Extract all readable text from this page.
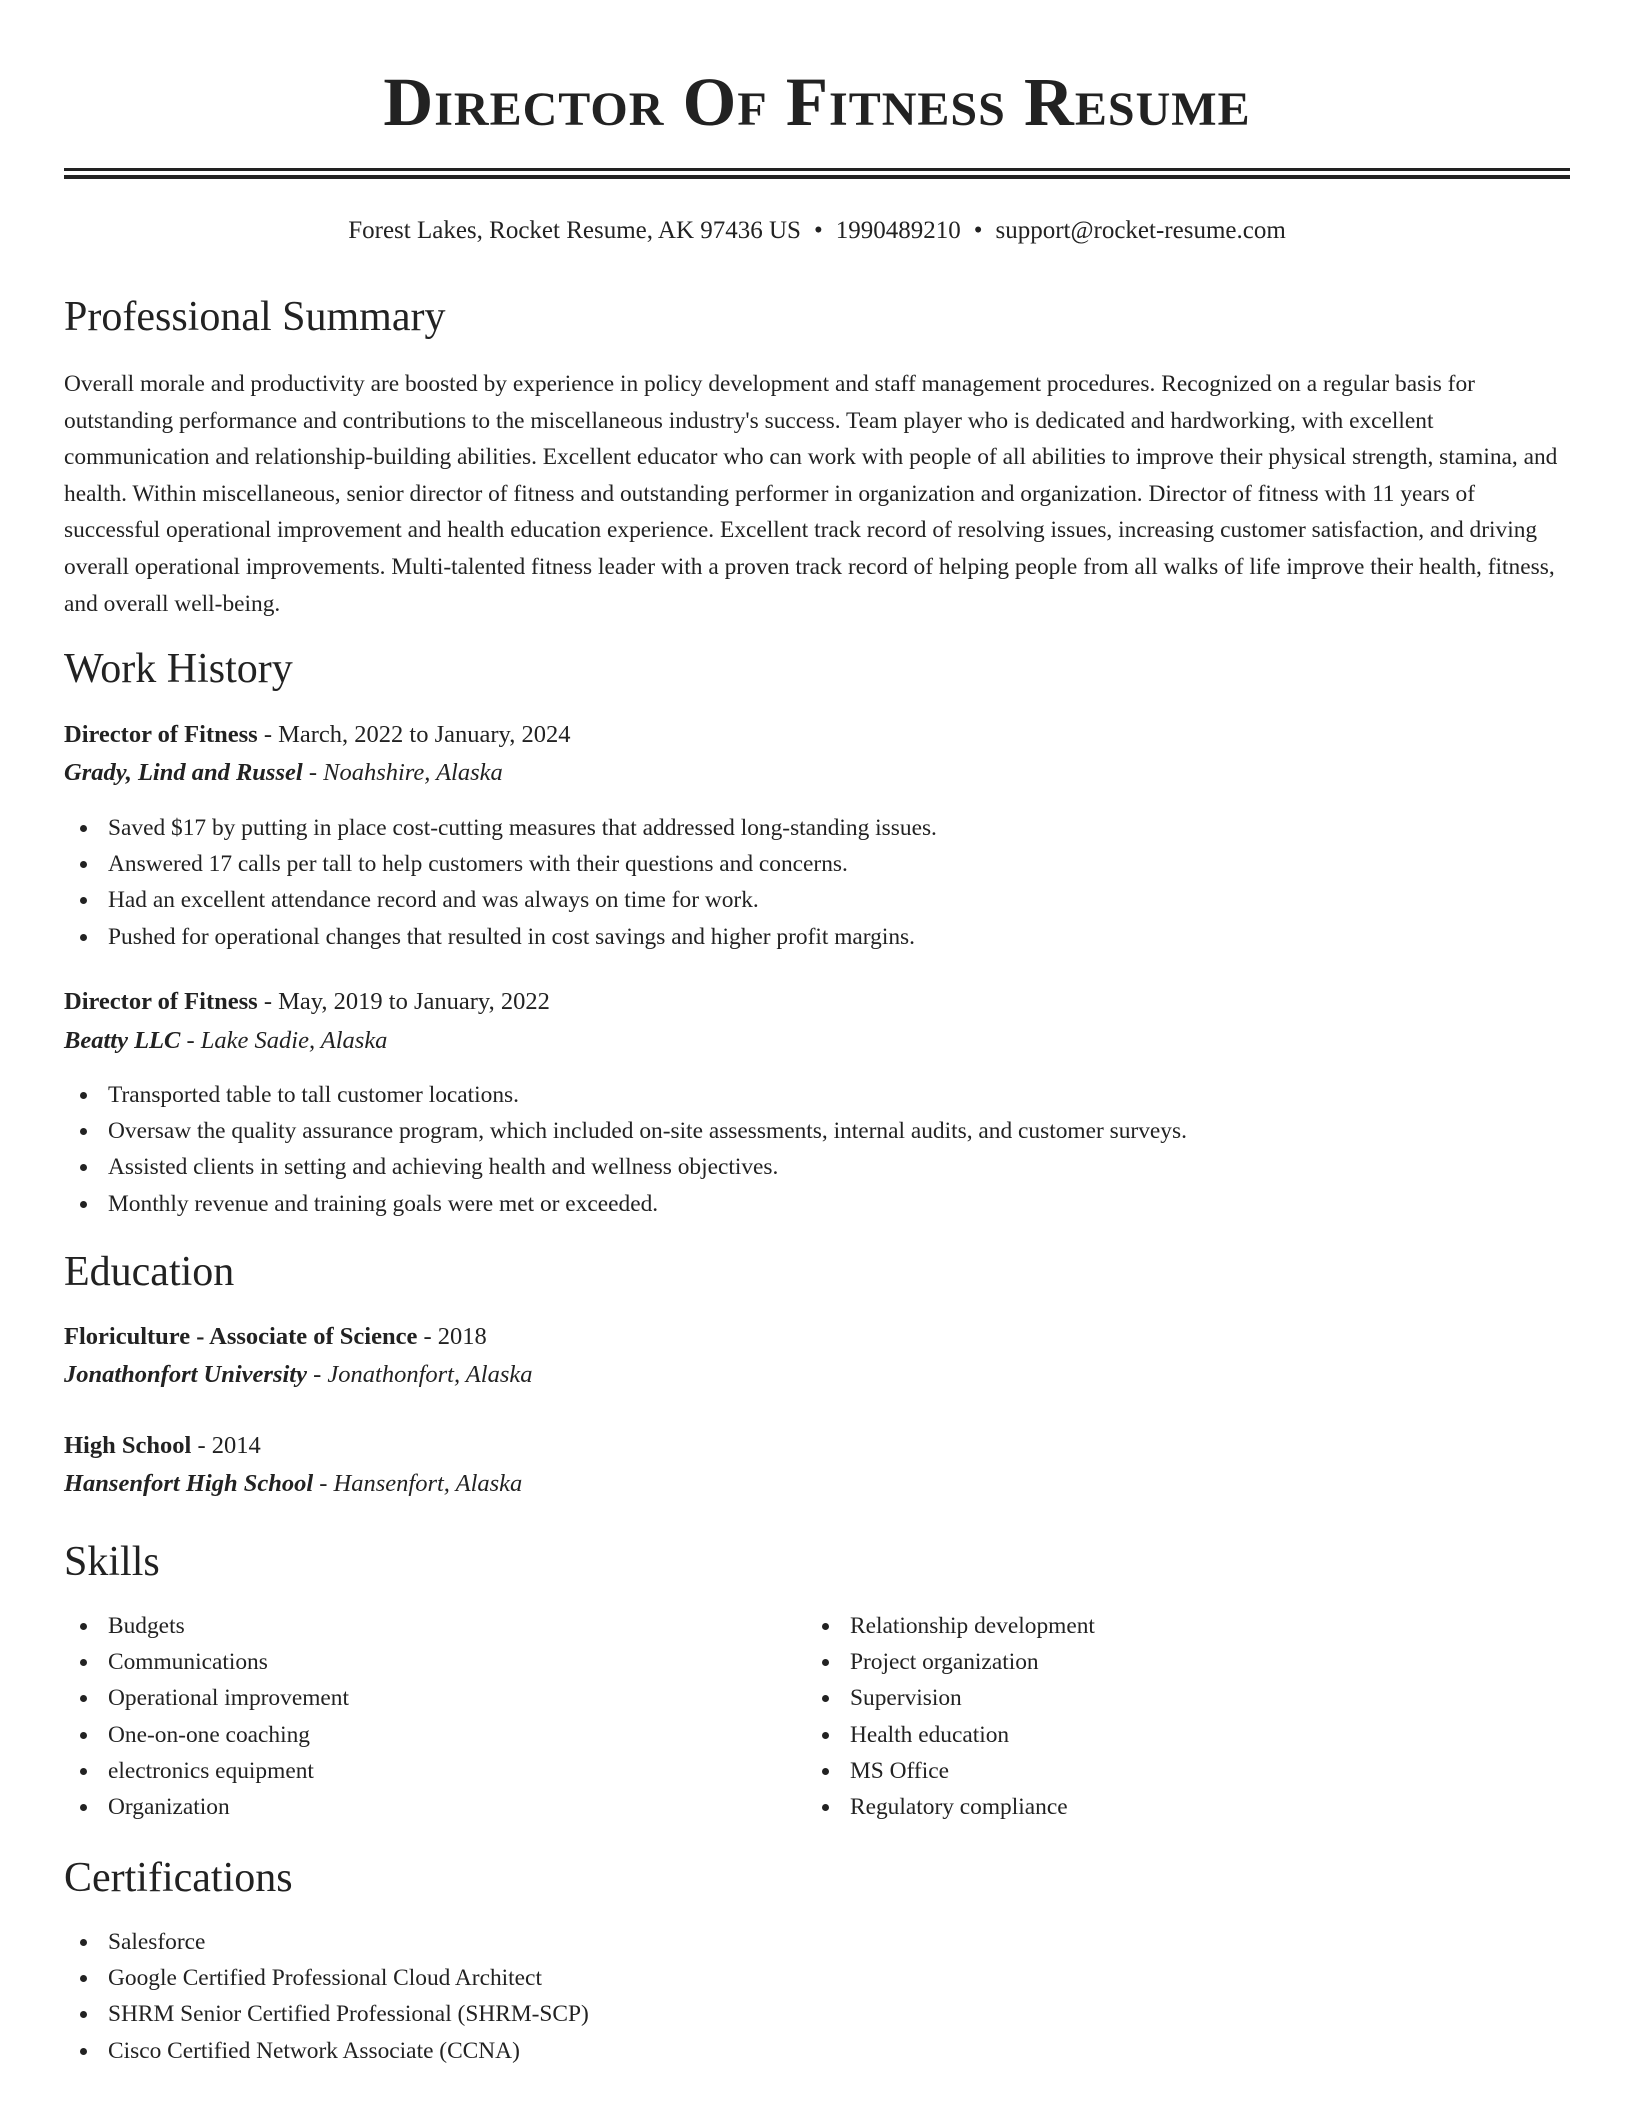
Director Of Fitness Resume
Forest Lakes, Rocket Resume, AK 97436 US • 1990489210 • support@rocket-resume.com
Professional Summary

Overall morale and productivity are boosted by experience in policy development and staff management procedures. Recognized on a regular basis for outstanding performance and contributions to the miscellaneous industry's success. Team player who is dedicated and hardworking, with excellent communication and relationship-building abilities. Excellent educator who can work with people of all abilities to improve their physical strength, stamina, and health. Within miscellaneous, senior director of fitness and outstanding performer in organization and organization. Director of fitness with 11 years of successful operational improvement and health education experience. Excellent track record of resolving issues, increasing customer satisfaction, and driving overall operational improvements. Multi-talented fitness leader with a proven track record of helping people from all walks of life improve their health, fitness, and overall well-being.

Work History
Director of Fitness - March, 2022 to January, 2024
Grady, Lind and Russel - Noahshire, Alaska
Saved $17 by putting in place cost-cutting measures that addressed long-standing issues.
Answered 17 calls per tall to help customers with their questions and concerns.
Had an excellent attendance record and was always on time for work.
Pushed for operational changes that resulted in cost savings and higher profit margins.
Director of Fitness - May, 2019 to January, 2022
Beatty LLC - Lake Sadie, Alaska
Transported table to tall customer locations.
Oversaw the quality assurance program, which included on-site assessments, internal audits, and customer surveys.
Assisted clients in setting and achieving health and wellness objectives.
Monthly revenue and training goals were met or exceeded.
Education
Floriculture - Associate of Science - 2018
Jonathonfort University - Jonathonfort, Alaska
High School - 2014
Hansenfort High School - Hansenfort, Alaska
Skills
Budgets
Communications
Operational improvement
One-on-one coaching
electronics equipment
Organization
Relationship development
Project organization
Supervision
Health education
MS Office
Regulatory compliance
Certifications
Salesforce
Google Certified Professional Cloud Architect
SHRM Senior Certified Professional (SHRM-SCP)
Cisco Certified Network Associate (CCNA)
